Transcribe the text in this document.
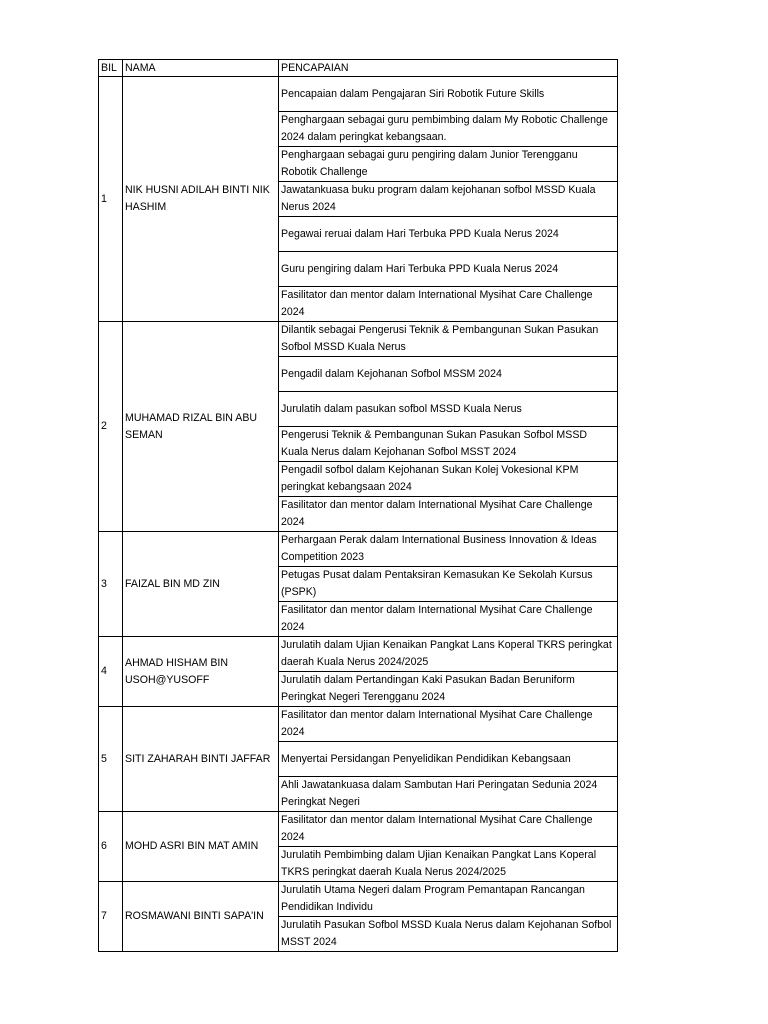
BIL	NAMA	PENCAPAIAN
1	NIK HUSNI ADILAH BINTI NIK HASHIM	Pencapaian dalam Pengajaran Siri Robotik Future Skills
		Penghargaan sebagai guru pembimbing dalam My Robotic Challenge 2024 dalam peringkat kebangsaan.
		Penghargaan sebagai guru pengiring dalam Junior Terengganu Robotik Challenge
		Jawatankuasa buku program dalam kejohanan sofbol MSSD Kuala Nerus 2024
		Pegawai reruai dalam Hari Terbuka PPD Kuala Nerus 2024
		Guru pengiring dalam Hari Terbuka PPD Kuala Nerus 2024
		Fasilitator dan mentor dalam International Mysihat Care Challenge 2024
2	MUHAMAD RIZAL BIN ABU SEMAN	Dilantik sebagai Pengerusi Teknik & Pembangunan Sukan Pasukan Sofbol MSSD Kuala Nerus
		Pengadil dalam Kejohanan Sofbol MSSM 2024
		Jurulatih dalam pasukan sofbol MSSD Kuala Nerus
		Pengerusi Teknik & Pembangunan Sukan Pasukan Sofbol MSSD Kuala Nerus dalam Kejohanan Sofbol MSST 2024
		Pengadil sofbol dalam Kejohanan Sukan Kolej Vokesional KPM peringkat kebangsaan 2024
		Fasilitator dan mentor dalam International Mysihat Care Challenge 2024
3	FAIZAL BIN MD ZIN	Perhargaan Perak dalam International Business Innovation & Ideas Competition 2023
		Petugas Pusat dalam Pentaksiran Kemasukan Ke Sekolah Kursus (PSPK)
		Fasilitator dan mentor dalam International Mysihat Care Challenge 2024
4	AHMAD HISHAM BIN USOH@YUSOFF	Jurulatih dalam Ujian Kenaikan Pangkat Lans Koperal TKRS peringkat daerah Kuala Nerus 2024/2025
		Jurulatih dalam Pertandingan Kaki Pasukan Badan Beruniform Peringkat Negeri Terengganu 2024
5	SITI ZAHARAH BINTI JAFFAR	Fasilitator dan mentor dalam International Mysihat Care Challenge 2024
		Menyertai Persidangan Penyelidikan Pendidikan Kebangsaan
		Ahli Jawatankuasa dalam Sambutan Hari Peringatan Sedunia 2024 Peringkat Negeri
6	MOHD ASRI BIN MAT AMIN	Fasilitator dan mentor dalam International Mysihat Care Challenge 2024
		Jurulatih Pembimbing dalam Ujian Kenaikan Pangkat Lans Koperal TKRS peringkat daerah Kuala Nerus 2024/2025
7	ROSMAWANI BINTI SAPA'IN	Jurulatih Utama Negeri dalam Program Pemantapan Rancangan Pendidikan Individu
		Jurulatih Pasukan Sofbol MSSD Kuala Nerus dalam Kejohanan Sofbol MSST 2024
